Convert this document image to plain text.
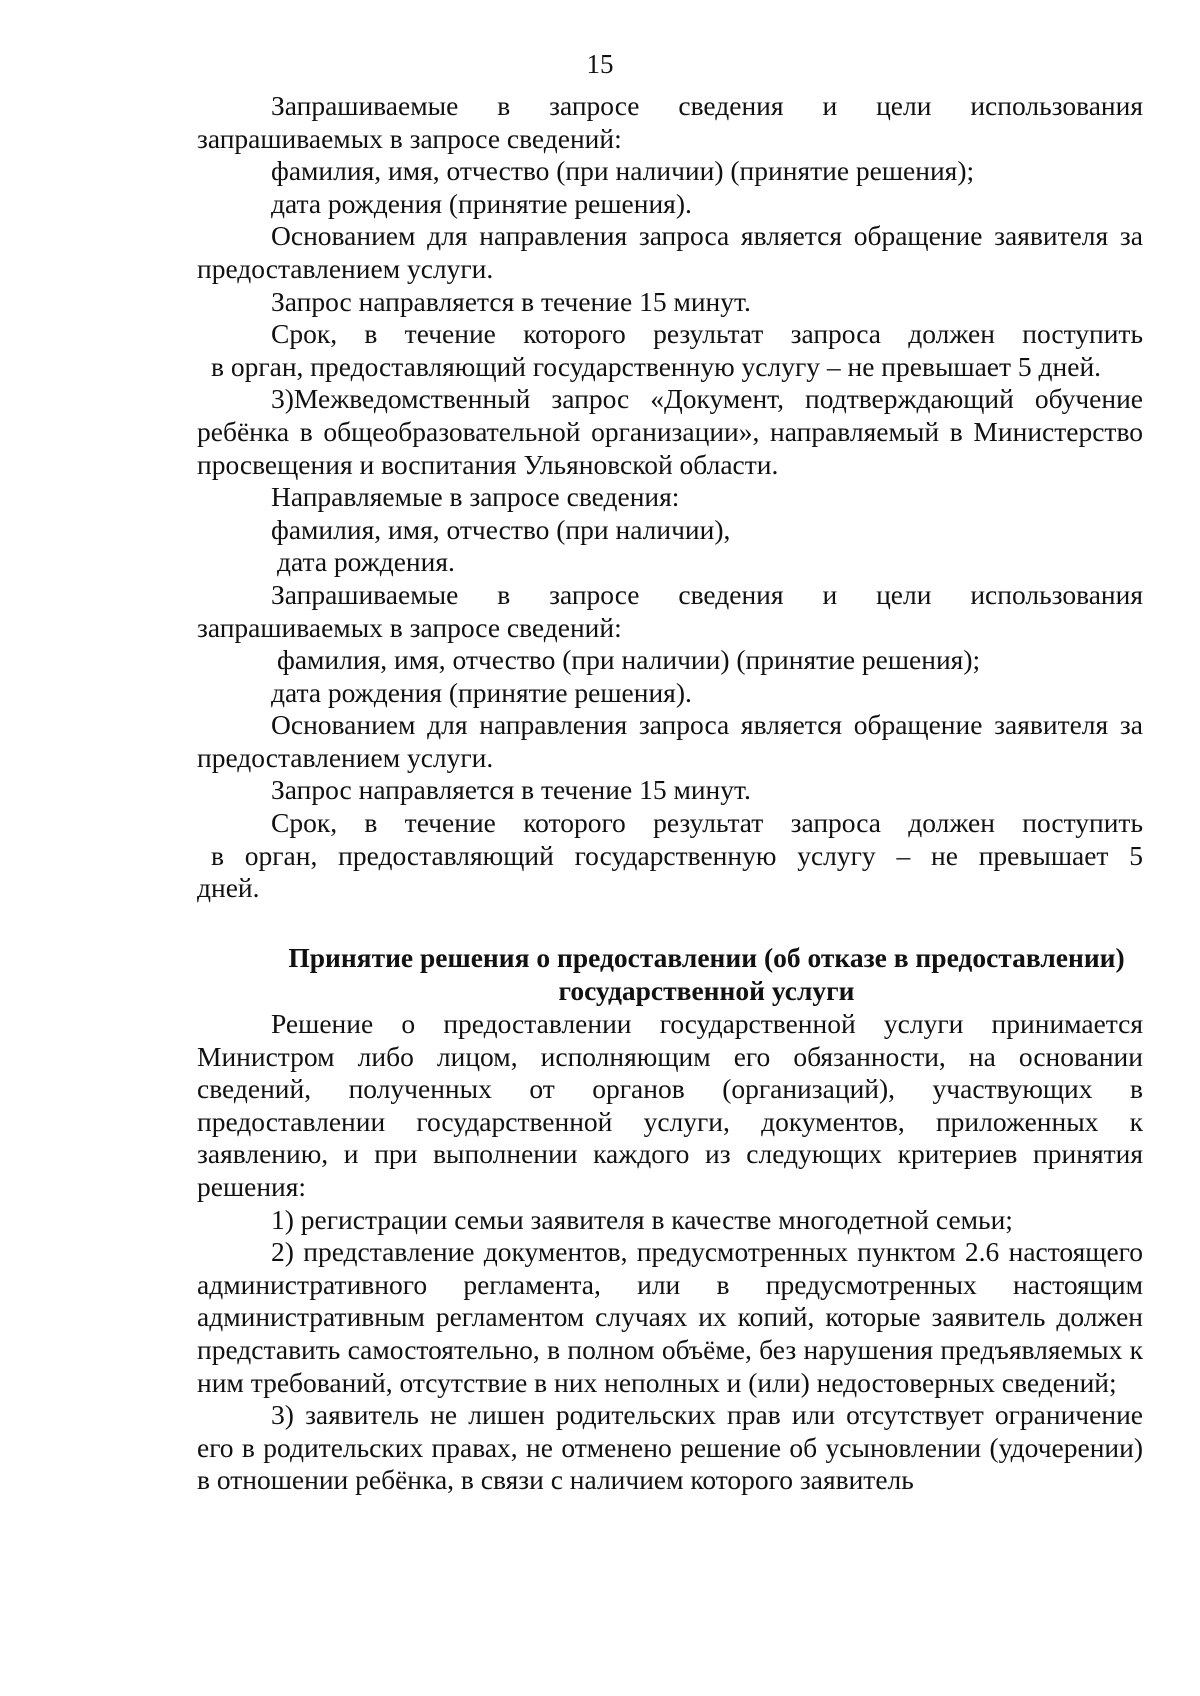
15

Запрашиваемые в запросе сведения и цели использования запрашиваемых в запросе сведений:

фамилия, имя, отчество (при наличии) (принятие решения);

дата рождения (принятие решения).

Основанием для направления запроса является обращение заявителя за предоставлением услуги.

Запрос направляется в течение 15 минут.

Срок, в течение которого результат запроса должен поступить

в орган, предоставляющий государственную услугу – не превышает 5 дней.

3)Межведомственный запрос «Документ, подтверждающий обучение ребёнка в общеобразовательной организации», направляемый в Министерство просвещения и воспитания Ульяновской области.

Направляемые в запросе сведения:

фамилия, имя, отчество (при наличии),

дата рождения.

Запрашиваемые в запросе сведения и цели использования запрашиваемых в запросе сведений:

фамилия, имя, отчество (при наличии) (принятие решения);

дата рождения (принятие решения).

Основанием для направления запроса является обращение заявителя за предоставлением услуги.

Запрос направляется в течение 15 минут.

Срок, в течение которого результат запроса должен поступить

в орган, предоставляющий государственную услугу – не превышает 5

дней.

Принятие решения о предоставлении (об отказе в предоставлении)
государственной услуги

Решение о предоставлении государственной услуги принимается Министром либо лицом, исполняющим его обязанности, на основании сведений, полученных от органов (организаций), участвующих в предоставлении государственной услуги, документов, приложенных к заявлению, и при выполнении каждого из следующих критериев принятия решения:

1) регистрации семьи заявителя в качестве многодетной семьи;

2) представление документов, предусмотренных пунктом 2.6 настоящего административного регламента, или в предусмотренных настоящим административным регламентом случаях их копий, которые заявитель должен представить самостоятельно, в полном объёме, без нарушения предъявляемых к ним требований, отсутствие в них неполных и (или) недостоверных сведений;

3) заявитель не лишен родительских прав или отсутствует ограничение его в родительских правах, не отменено решение об усыновлении (удочерении) в отношении ребёнка, в связи с наличием которого заявитель
